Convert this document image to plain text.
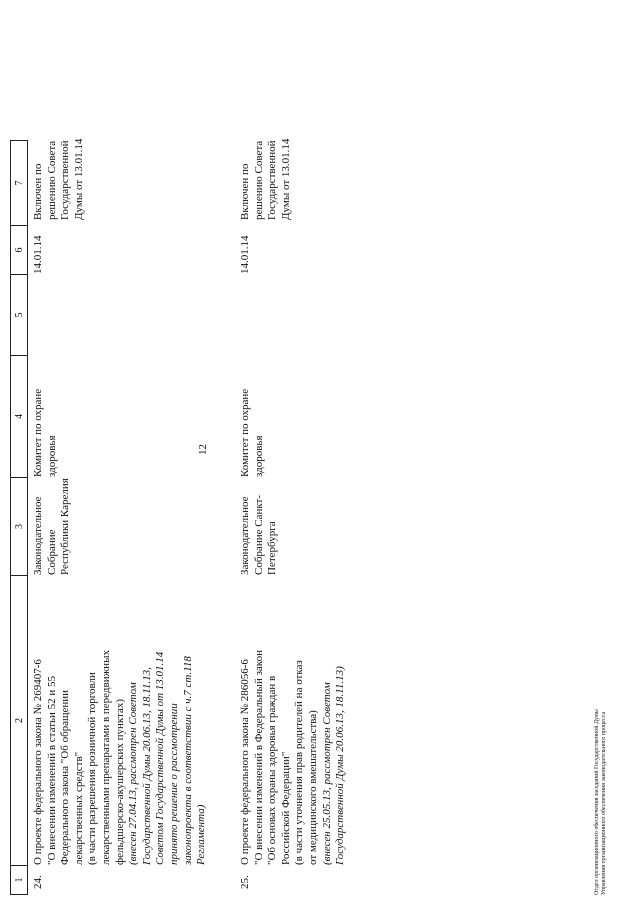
12
1
2
3
4
5
6
7
24.
О проекте федерального закона № 269407-6 "О внесении изменений в статьи 52 и 55 Федерального закона "Об обращении лекарственных средств" (в части разрешения розничной торговли лекарственными препаратами в передвижных фельдшерско-акушерских пунктах) (внесен 27.04.13, рассмотрен Советом Государственной Думы 20.06.13, 18.11.13, Советом Государственной Думы от 13.01.14 принято решение о рассмотрении законопроекта в соответствии с ч.7 ст.118 Регламента)
Законодательное Собрание Республики Карелия
Комитет по охране здоровья
14.01.14
Включен по решению Совета Государственной Думы от 13.01.14
25.
О проекте федерального закона № 286056-6 "О внесении изменений в Федеральный закон "Об основах охраны здоровья граждан в Российской Федерации" (в части уточнения прав родителей на отказ от медицинского вмешательства) (внесен 25.05.13, рассмотрен Советом Государственной Думы 20.06.13, 18.11.13)
Законодательное Собрание Санкт- Петербурга
Комитет по охране здоровья
14.01.14
Включен по решению Совета Государственной Думы от 13.01.14
Отдел организационного обеспечения заседаний Государственной Думы Управления организационного обеспечения законодательного процесса
